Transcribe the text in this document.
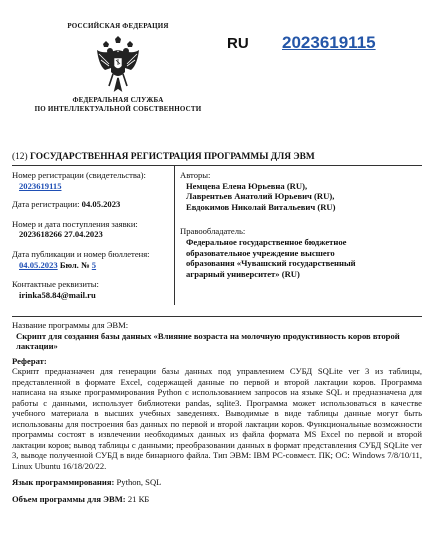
РОССИЙСКАЯ ФЕДЕРАЦИЯ
ФЕДЕРАЛЬНАЯ СЛУЖБА
ПО ИНТЕЛЛЕКТУАЛЬНОЙ СОБСТВЕННОСТИ
RU 2023619115
(12) ГОСУДАРСТВЕННАЯ РЕГИСТРАЦИЯ ПРОГРАММЫ ДЛЯ ЭВМ
Номер регистрации (свидетельства):
2023619115
Дата регистрации: 04.05.2023
Номер и дата поступления заявки:
2023618266 27.04.2023
Дата публикации и номер бюллетеня:
04.05.2023 Бюл. № 5
Контактные реквизиты:
irinka58.84@mail.ru
Авторы:
Немцева Елена Юрьевна (RU),
Лаврентьев Анатолий Юрьевич (RU),
Евдокимов Николай Витальевич (RU)
Правообладатель:
Федеральное государственное бюджетное
образовательное учреждение высшего
образования «Чувашский государственный
аграрный университет» (RU)

Название программы для ЭВМ:

Скрипт для создания базы данных «Влияние возраста на молочную продуктивность коров второй лактации»

Реферат:

Скрипт предназначен для генерации базы данных под управлением СУБД SQLite ver 3 из таблицы, представленной в формате Excel, содержащей данные по первой и второй лактации коров. Программа написана на языке программирования Python с использованием запросов на языке SQL и предназначена для работы с данными, использует библиотеки pandas, sqlite3. Программа может использоваться в качестве учебного материала в высших учебных заведениях. Выводимые в виде таблицы данные могут быть использованы для построения баз данных по первой и второй лактации коров. Функциональные возможности программы состоят в извлечении необходимых данных из файла формата MS Excel по первой и второй лактации коров; вывод таблицы с данными; преобразовании данных в формат представления СУБД SQLite ver 3, выводе полученной СУБД в виде бинарного файла. Тип ЭВМ: IBM PC-совмест. ПК; ОС: Windows 7/8/10/11, Linux Ubuntu 16/18/20/22.

Язык программирования: Python, SQL

Объем программы для ЭВМ: 21 КБ
